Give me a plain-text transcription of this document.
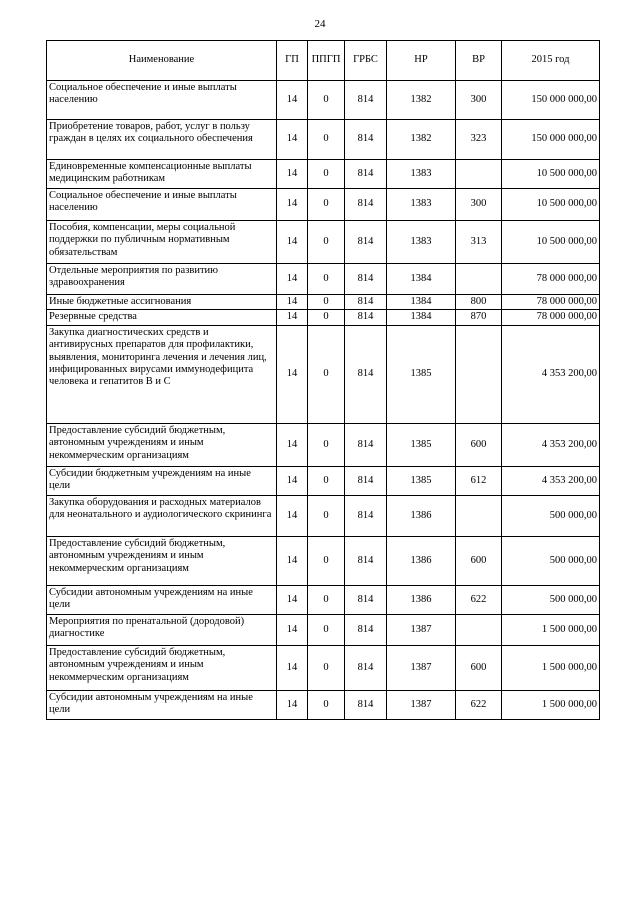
24
Наименование	ГП	ППГП	ГРБС	НР	ВР	2015 год
Социальное обеспечение и иные выплаты населению	14	0	814	1382	300	150 000 000,00
Приобретение товаров, работ, услуг в пользу граждан в целях их социального обеспечения	14	0	814	1382	323	150 000 000,00
Единовременные компенсационные выплаты медицинским работникам	14	0	814	1383		10 500 000,00
Социальное обеспечение и иные выплаты населению	14	0	814	1383	300	10 500 000,00
Пособия, компенсации, меры социальной поддержки по публичным нормативным обязательствам	14	0	814	1383	313	10 500 000,00
Отдельные мероприятия по развитию здравоохранения	14	0	814	1384		78 000 000,00
Иные бюджетные ассигнования	14	0	814	1384	800	78 000 000,00
Резервные средства	14	0	814	1384	870	78 000 000,00
Закупка диагностических средств и антивирусных препаратов для профилактики, выявления, мониторинга лечения и лечения лиц, инфицированных вирусами иммунодефицита человека и гепатитов В и С	14	0	814	1385		4 353 200,00
Предоставление субсидий бюджетным, автономным учреждениям и иным некоммерческим организациям	14	0	814	1385	600	4 353 200,00
Субсидии бюджетным учреждениям на иные цели	14	0	814	1385	612	4 353 200,00
Закупка оборудования и расходных материалов для неонатального и аудиологического скрининга	14	0	814	1386		500 000,00
Предоставление субсидий бюджетным, автономным учреждениям и иным некоммерческим организациям	14	0	814	1386	600	500 000,00
Субсидии автономным учреждениям на иные цели	14	0	814	1386	622	500 000,00
Мероприятия по пренатальной (дородовой) диагностике	14	0	814	1387		1 500 000,00
Предоставление субсидий бюджетным, автономным учреждениям и иным некоммерческим организациям	14	0	814	1387	600	1 500 000,00
Субсидии автономным учреждениям на иные цели	14	0	814	1387	622	1 500 000,00
